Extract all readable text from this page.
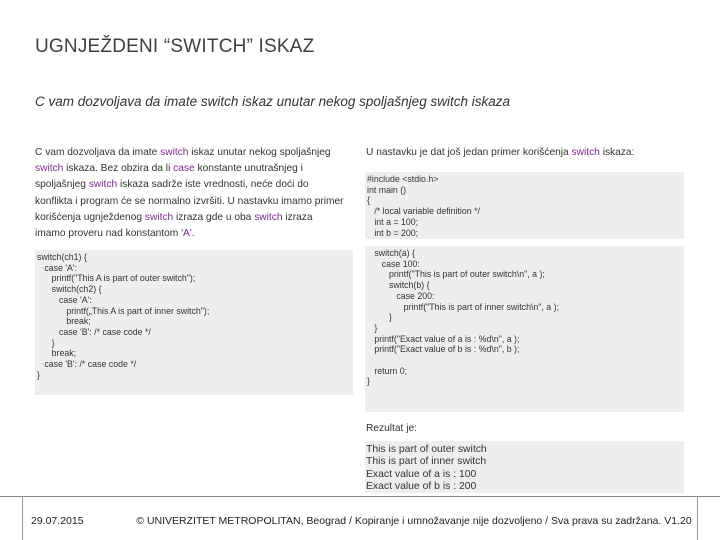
UGNJEŽDENI “SWITCH” ISKAZ
C vam dozvoljava da imate switch iskaz unutar nekog spoljašnjeg switch iskaza
C vam dozvoljava da imate switch iskaz unutar nekog spoljašnjeg switch iskaza. Bez obzira da li case konstante unutrašnjeg i spoljašnjeg switch iskaza sadrže iste vrednosti, neće doći do konflikta i program će se normalno izvršiti. U nastavku imamo primer korišćenja ugnježdenog switch izraza gde u oba switch izraza imamo proveru nad konstantom 'A'.
switch(ch1) {
case 'A':
printf("This A is part of outer switch");
switch(ch2) {
case 'A':
printf(„This A is part of inner switch");
break;
case 'B': /* case code */
}
break;
case 'B': /* case code */
}
U nastavku je dat još jedan primer korišćenja switch iskaza:
#include <stdio.h>
int main ()
{
/* local variable definition */
int a = 100;
int b = 200;
switch(a) {
case 100:
printf("This is part of outer switch\n", a );
switch(b) {
case 200:
printf("This is part of inner switch\n", a );
}
}
printf("Exact value of a is : %d\n", a );
printf("Exact value of b is : %d\n", b );

return 0;
}
Rezultat je:
This is part of outer switch
This is part of inner switch
Exact value of a is : 100
Exact value of b is : 200
29.07.2015	© UNIVERZITET METROPOLITAN, Beograd / Kopiranje i umnožavanje nije dozvoljeno / Sva prava su zadržana. V1.20
